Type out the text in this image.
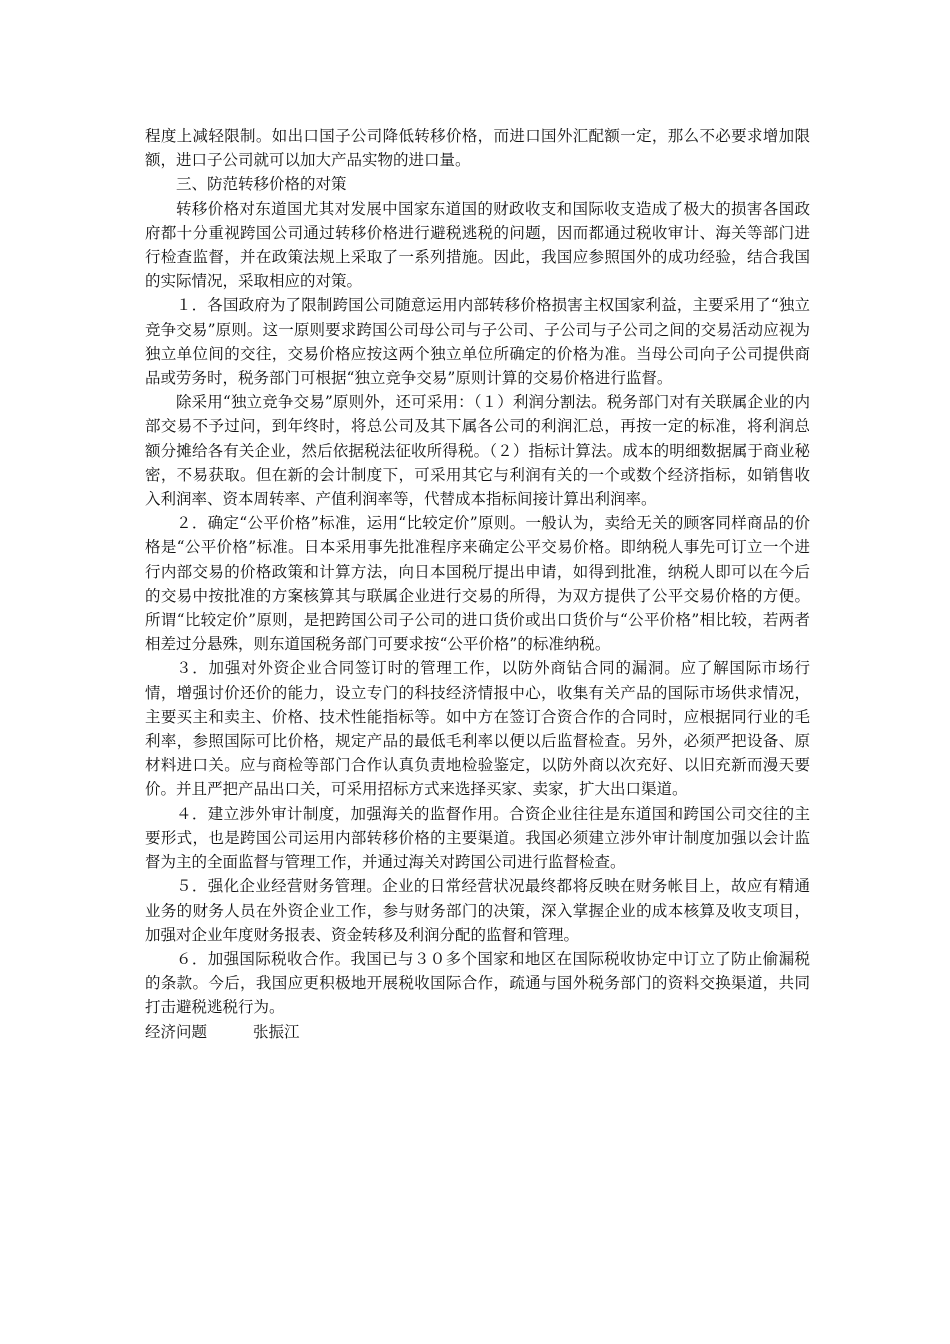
程度上减轻限制。如出口国子公司降低转移价格，而进口国外汇配额一定，那么不必要求增加限额，进口子公司就可以加大产品实物的进口量。

三、防范转移价格的对策

转移价格对东道国尤其对发展中国家东道国的财政收支和国际收支造成了极大的损害各国政府都十分重视跨国公司通过转移价格进行避税逃税的问题，因而都通过税收审计、海关等部门进行检查监督，并在政策法规上采取了一系列措施。因此，我国应参照国外的成功经验，结合我国的实际情况，采取相应的对策。

１．各国政府为了限制跨国公司随意运用内部转移价格损害主权国家利益，主要采用了“独立竞争交易”原则。这一原则要求跨国公司母公司与子公司、子公司与子公司之间的交易活动应视为独立单位间的交往，交易价格应按这两个独立单位所确定的价格为准。当母公司向子公司提供商品或劳务时，税务部门可根据“独立竞争交易”原则计算的交易价格进行监督。

除采用“独立竞争交易”原则外，还可采用：（１）利润分割法。税务部门对有关联属企业的内部交易不予过问，到年终时，将总公司及其下属各公司的利润汇总，再按一定的标准，将利润总额分摊给各有关企业，然后依据税法征收所得税。（２）指标计算法。成本的明细数据属于商业秘密，不易获取。但在新的会计制度下，可采用其它与利润有关的一个或数个经济指标，如销售收入利润率、资本周转率、产值利润率等，代替成本指标间接计算出利润率。

２．确定“公平价格”标准，运用“比较定价”原则。一般认为，卖给无关的顾客同样商品的价格是“公平价格”标准。日本采用事先批准程序来确定公平交易价格。即纳税人事先可订立一个进行内部交易的价格政策和计算方法，向日本国税厅提出申请，如得到批准，纳税人即可以在今后的交易中按批准的方案核算其与联属企业进行交易的所得，为双方提供了公平交易价格的方便。所谓“比较定价”原则，是把跨国公司子公司的进口货价或出口货价与“公平价格”相比较，若两者相差过分悬殊，则东道国税务部门可要求按“公平价格”的标准纳税。

３．加强对外资企业合同签订时的管理工作，以防外商钻合同的漏洞。应了解国际市场行情，增强讨价还价的能力，设立专门的科技经济情报中心，收集有关产品的国际市场供求情况，主要买主和卖主、价格、技术性能指标等。如中方在签订合资合作的合同时，应根据同行业的毛利率，参照国际可比价格，规定产品的最低毛利率以便以后监督检查。另外，必须严把设备、原材料进口关。应与商检等部门合作认真负责地检验鉴定，以防外商以次充好、以旧充新而漫天要价。并且严把产品出口关，可采用招标方式来选择买家、卖家，扩大出口渠道。

４．建立涉外审计制度，加强海关的监督作用。合资企业往往是东道国和跨国公司交往的主要形式，也是跨国公司运用内部转移价格的主要渠道。我国必须建立涉外审计制度加强以会计监督为主的全面监督与管理工作，并通过海关对跨国公司进行监督检查。

５．强化企业经营财务管理。企业的日常经营状况最终都将反映在财务帐目上，故应有精通业务的财务人员在外资企业工作，参与财务部门的决策，深入掌握企业的成本核算及收支项目，加强对企业年度财务报表、资金转移及利润分配的监督和管理。

６．加强国际税收合作。我国已与３０多个国家和地区在国际税收协定中订立了防止偷漏税的条款。今后，我国应更积极地开展税收国际合作，疏通与国外税务部门的资料交换渠道，共同打击避税逃税行为。

经济问题	张振江
